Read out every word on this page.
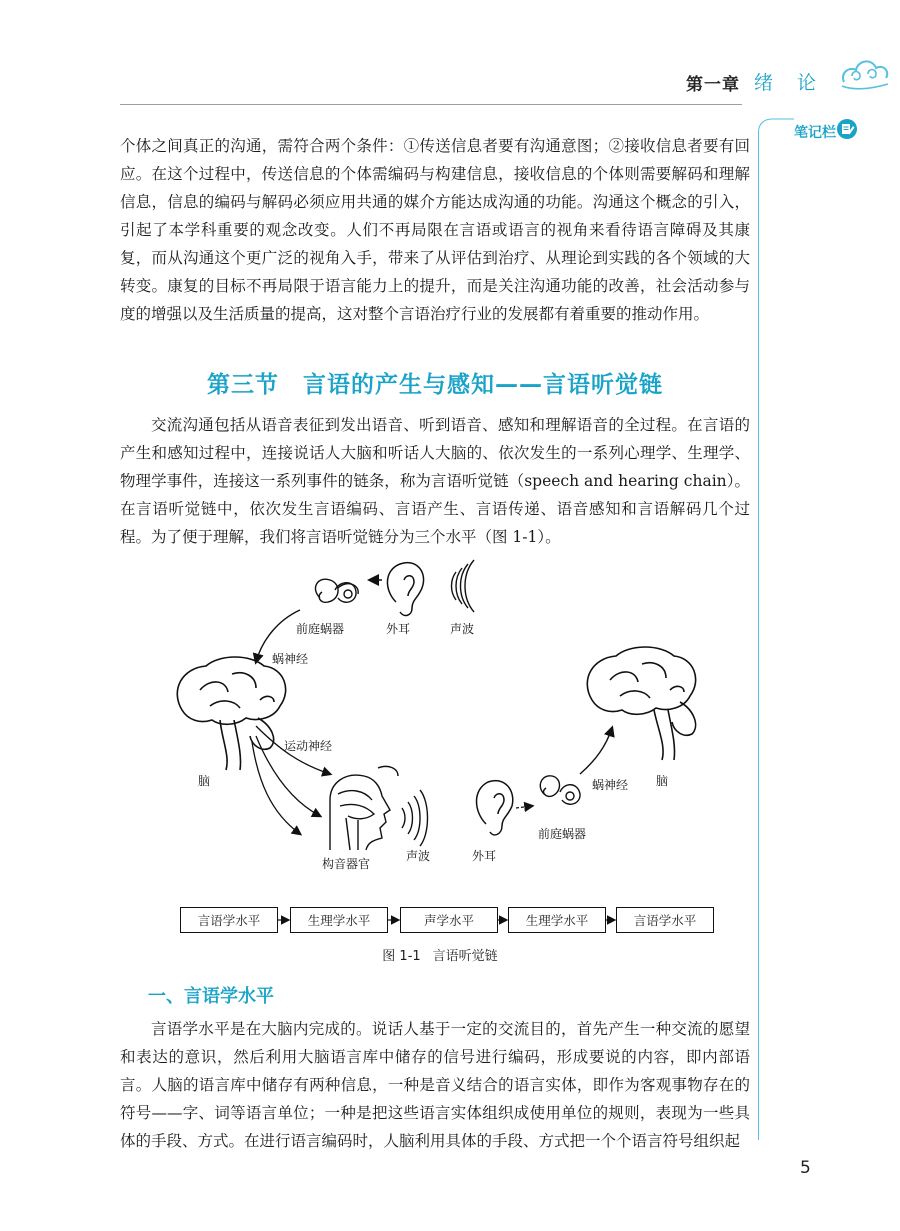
第一章 绪论
笔记栏

个体之间真正的沟通，需符合两个条件：①传送信息者要有沟通意图；②接收信息者要有回应。在这个过程中，传送信息的个体需编码与构建信息，接收信息的个体则需要解码和理解信息，信息的编码与解码必须应用共通的媒介方能达成沟通的功能。沟通这个概念的引入，引起了本学科重要的观念改变。人们不再局限在言语或语言的视角来看待语言障碍及其康复，而从沟通这个更广泛的视角入手，带来了从评估到治疗、从理论到实践的各个领域的大转变。康复的目标不再局限于语言能力上的提升，而是关注沟通功能的改善，社会活动参与度的增强以及生活质量的提高，这对整个言语治疗行业的发展都有着重要的推动作用。

第三节　言语的产生与感知——言语听觉链

交流沟通包括从语音表征到发出语音、听到语音、感知和理解语音的全过程。在言语的产生和感知过程中，连接说话人大脑和听话人大脑的、依次发生的一系列心理学、生理学、物理学事件，连接这一系列事件的链条，称为言语听觉链（speech and hearing chain）。在言语听觉链中，依次发生言语编码、言语产生、言语传递、语音感知和言语解码几个过程。为了便于理解，我们将言语听觉链分为三个水平（图 1-1）。

前庭蜗器	外耳	声波
蜗神经
运动神经
脑
构音器官
声波	外耳
前庭蜗器
蜗神经 脑
言语学水平	生理学水平	声学水平	生理学水平	言语学水平
图 1-1 言语听觉链
一、言语学水平

言语学水平是在大脑内完成的。说话人基于一定的交流目的，首先产生一种交流的愿望和表达的意识，然后利用大脑语言库中储存的信号进行编码，形成要说的内容，即内部语言。人脑的语言库中储存有两种信息，一种是音义结合的语言实体，即作为客观事物存在的符号——字、词等语言单位；一种是把这些语言实体组织成使用单位的规则，表现为一些具体的手段、方式。在进行语言编码时，人脑利用具体的手段、方式把一个个语言符号组织起

5
